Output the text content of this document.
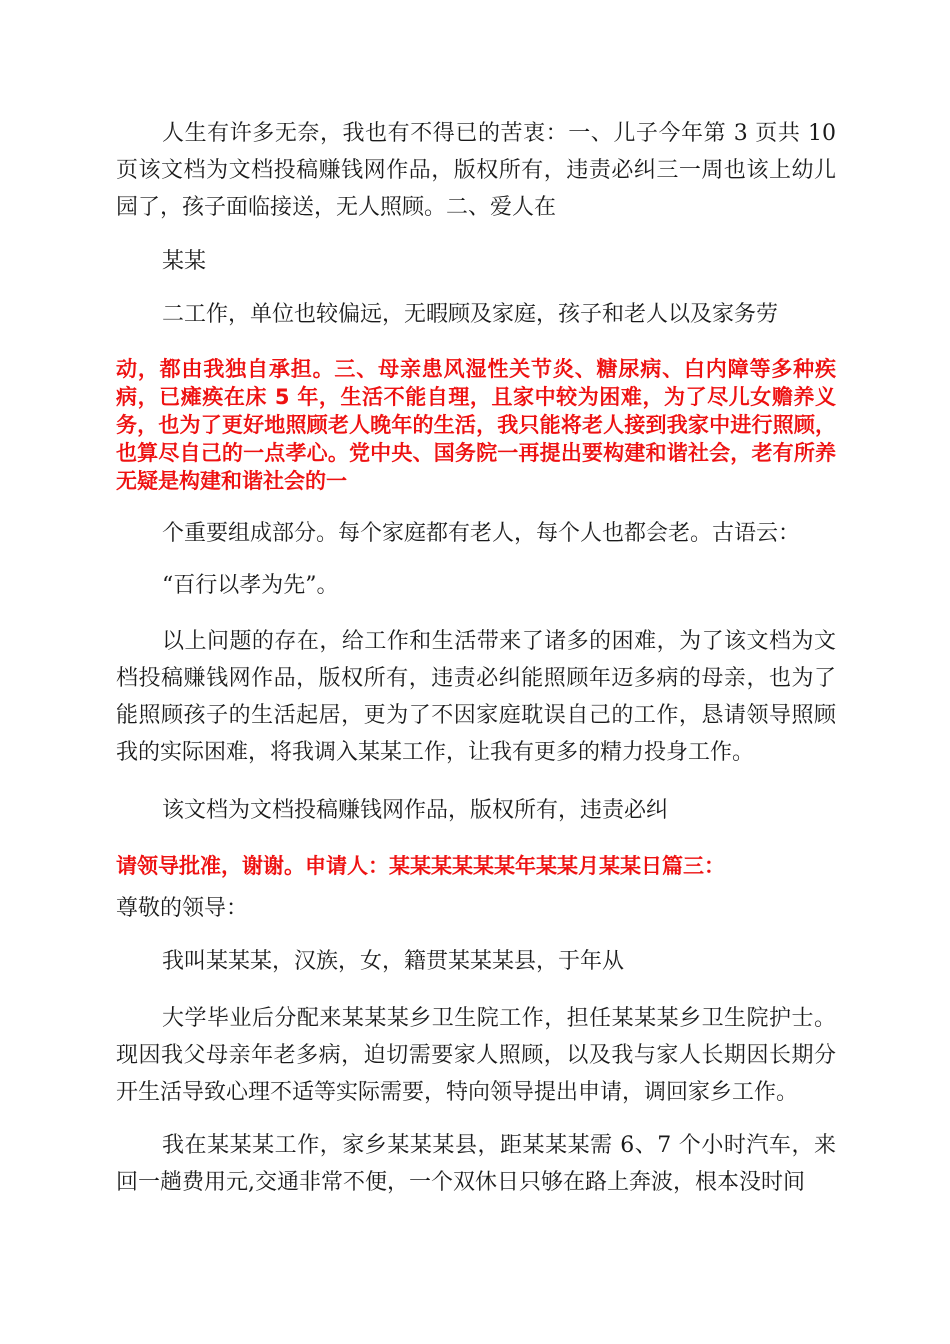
人生有许多无奈，我也有不得已的苦衷：一、儿子今年第 3 页共 10 页该文档为文档投稿赚钱网作品，版权所有，违责必纠三一周也该上幼儿园了，孩子面临接送，无人照顾。二、爱人在

某某

二工作，单位也较偏远，无暇顾及家庭，孩子和老人以及家务劳

动，都由我独自承担。三、母亲患风湿性关节炎、糖尿病、白内障等多种疾病，已瘫痪在床 5 年，生活不能自理，且家中较为困难，为了尽儿女赡养义务，也为了更好地照顾老人晚年的生活，我只能将老人接到我家中进行照顾，也算尽自己的一点孝心。党中央、国务院一再提出要构建和谐社会，老有所养无疑是构建和谐社会的一

个重要组成部分。每个家庭都有老人，每个人也都会老。古语云：

“百行以孝为先”。

以上问题的存在，给工作和生活带来了诸多的困难，为了该文档为文档投稿赚钱网作品，版权所有，违责必纠能照顾年迈多病的母亲，也为了能照顾孩子的生活起居，更为了不因家庭耽误自己的工作，恳请领导照顾我的实际困难，将我调入某某工作，让我有更多的精力投身工作。

该文档为文档投稿赚钱网作品，版权所有，违责必纠

请领导批准，谢谢。申请人：某某某某某某年某某月某某日篇三：

尊敬的领导：

我叫某某某，汉族，女，籍贯某某某县，于年从

大学毕业后分配来某某某乡卫生院工作，担任某某某乡卫生院护士。现因我父母亲年老多病，迫切需要家人照顾，以及我与家人长期因长期分开生活导致心理不适等实际需要，特向领导提出申请，调回家乡工作。

我在某某某工作，家乡某某某县，距某某某需 6、7 个小时汽车，来回一趟费用元,交通非常不便，一个双休日只够在路上奔波，根本没时间
